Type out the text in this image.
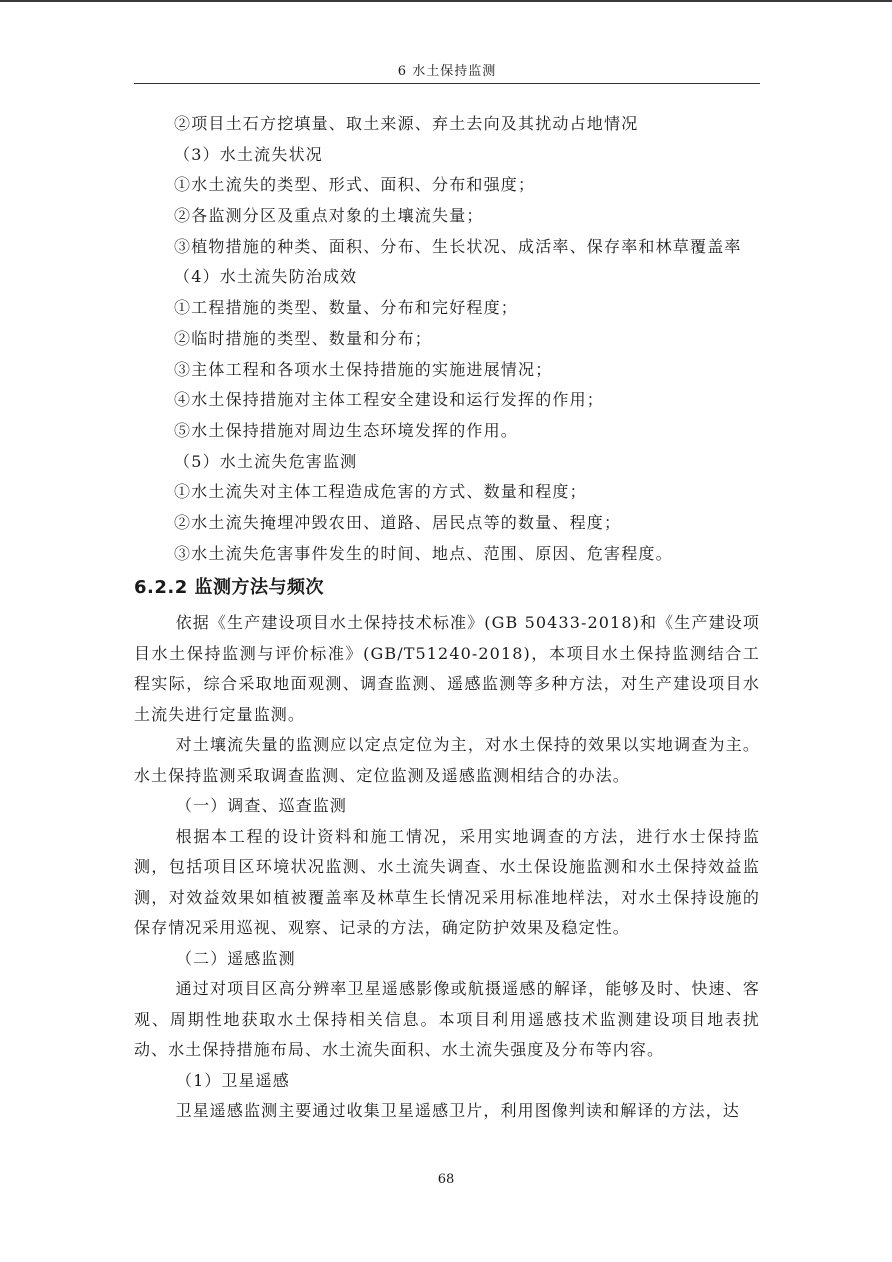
6 水土保持监测
②项目土石方挖填量、取土来源、弃土去向及其扰动占地情况
（3）水土流失状况
①水土流失的类型、形式、面积、分布和强度；
②各监测分区及重点对象的土壤流失量；
③植物措施的种类、面积、分布、生长状况、成活率、保存率和林草覆盖率
（4）水土流失防治成效
①工程措施的类型、数量、分布和完好程度；
②临时措施的类型、数量和分布；
③主体工程和各项水土保持措施的实施进展情况；
④水土保持措施对主体工程安全建设和运行发挥的作用；
⑤水土保持措施对周边生态环境发挥的作用。
（5）水土流失危害监测
①水土流失对主体工程造成危害的方式、数量和程度；
②水土流失掩埋冲毁农田、道路、居民点等的数量、程度；
③水土流失危害事件发生的时间、地点、范围、原因、危害程度。
6.2.2 监测方法与频次

依据《生产建设项目水土保持技术标准》(GB 50433-2018)和《生产建设项目水土保持监测与评价标准》(GB/T51240-2018)，本项目水土保持监测结合工程实际，综合采取地面观测、调查监测、遥感监测等多种方法，对生产建设项目水土流失进行定量监测。

对土壤流失量的监测应以定点定位为主，对水土保持的效果以实地调查为主。水土保持监测采取调查监测、定位监测及遥感监测相结合的办法。

（一）调查、巡查监测

根据本工程的设计资料和施工情况，采用实地调查的方法，进行水士保持监测，包括项目区环境状况监测、水土流失调查、水土保设施监测和水土保持效益监测，对效益效果如植被覆盖率及林草生长情况采用标准地样法，对水土保持设施的保存情况采用巡视、观察、记录的方法，确定防护效果及稳定性。

（二）遥感监测

通过对项目区高分辨率卫星遥感影像或航摄遥感的解译，能够及时、快速、客观、周期性地获取水土保持相关信息。本项目利用遥感技术监测建设项目地表扰动、水土保持措施布局、水土流失面积、水土流失强度及分布等内容。

（1）卫星遥感

卫星遥感监测主要通过收集卫星遥感卫片，利用图像判读和解译的方法，达

68
